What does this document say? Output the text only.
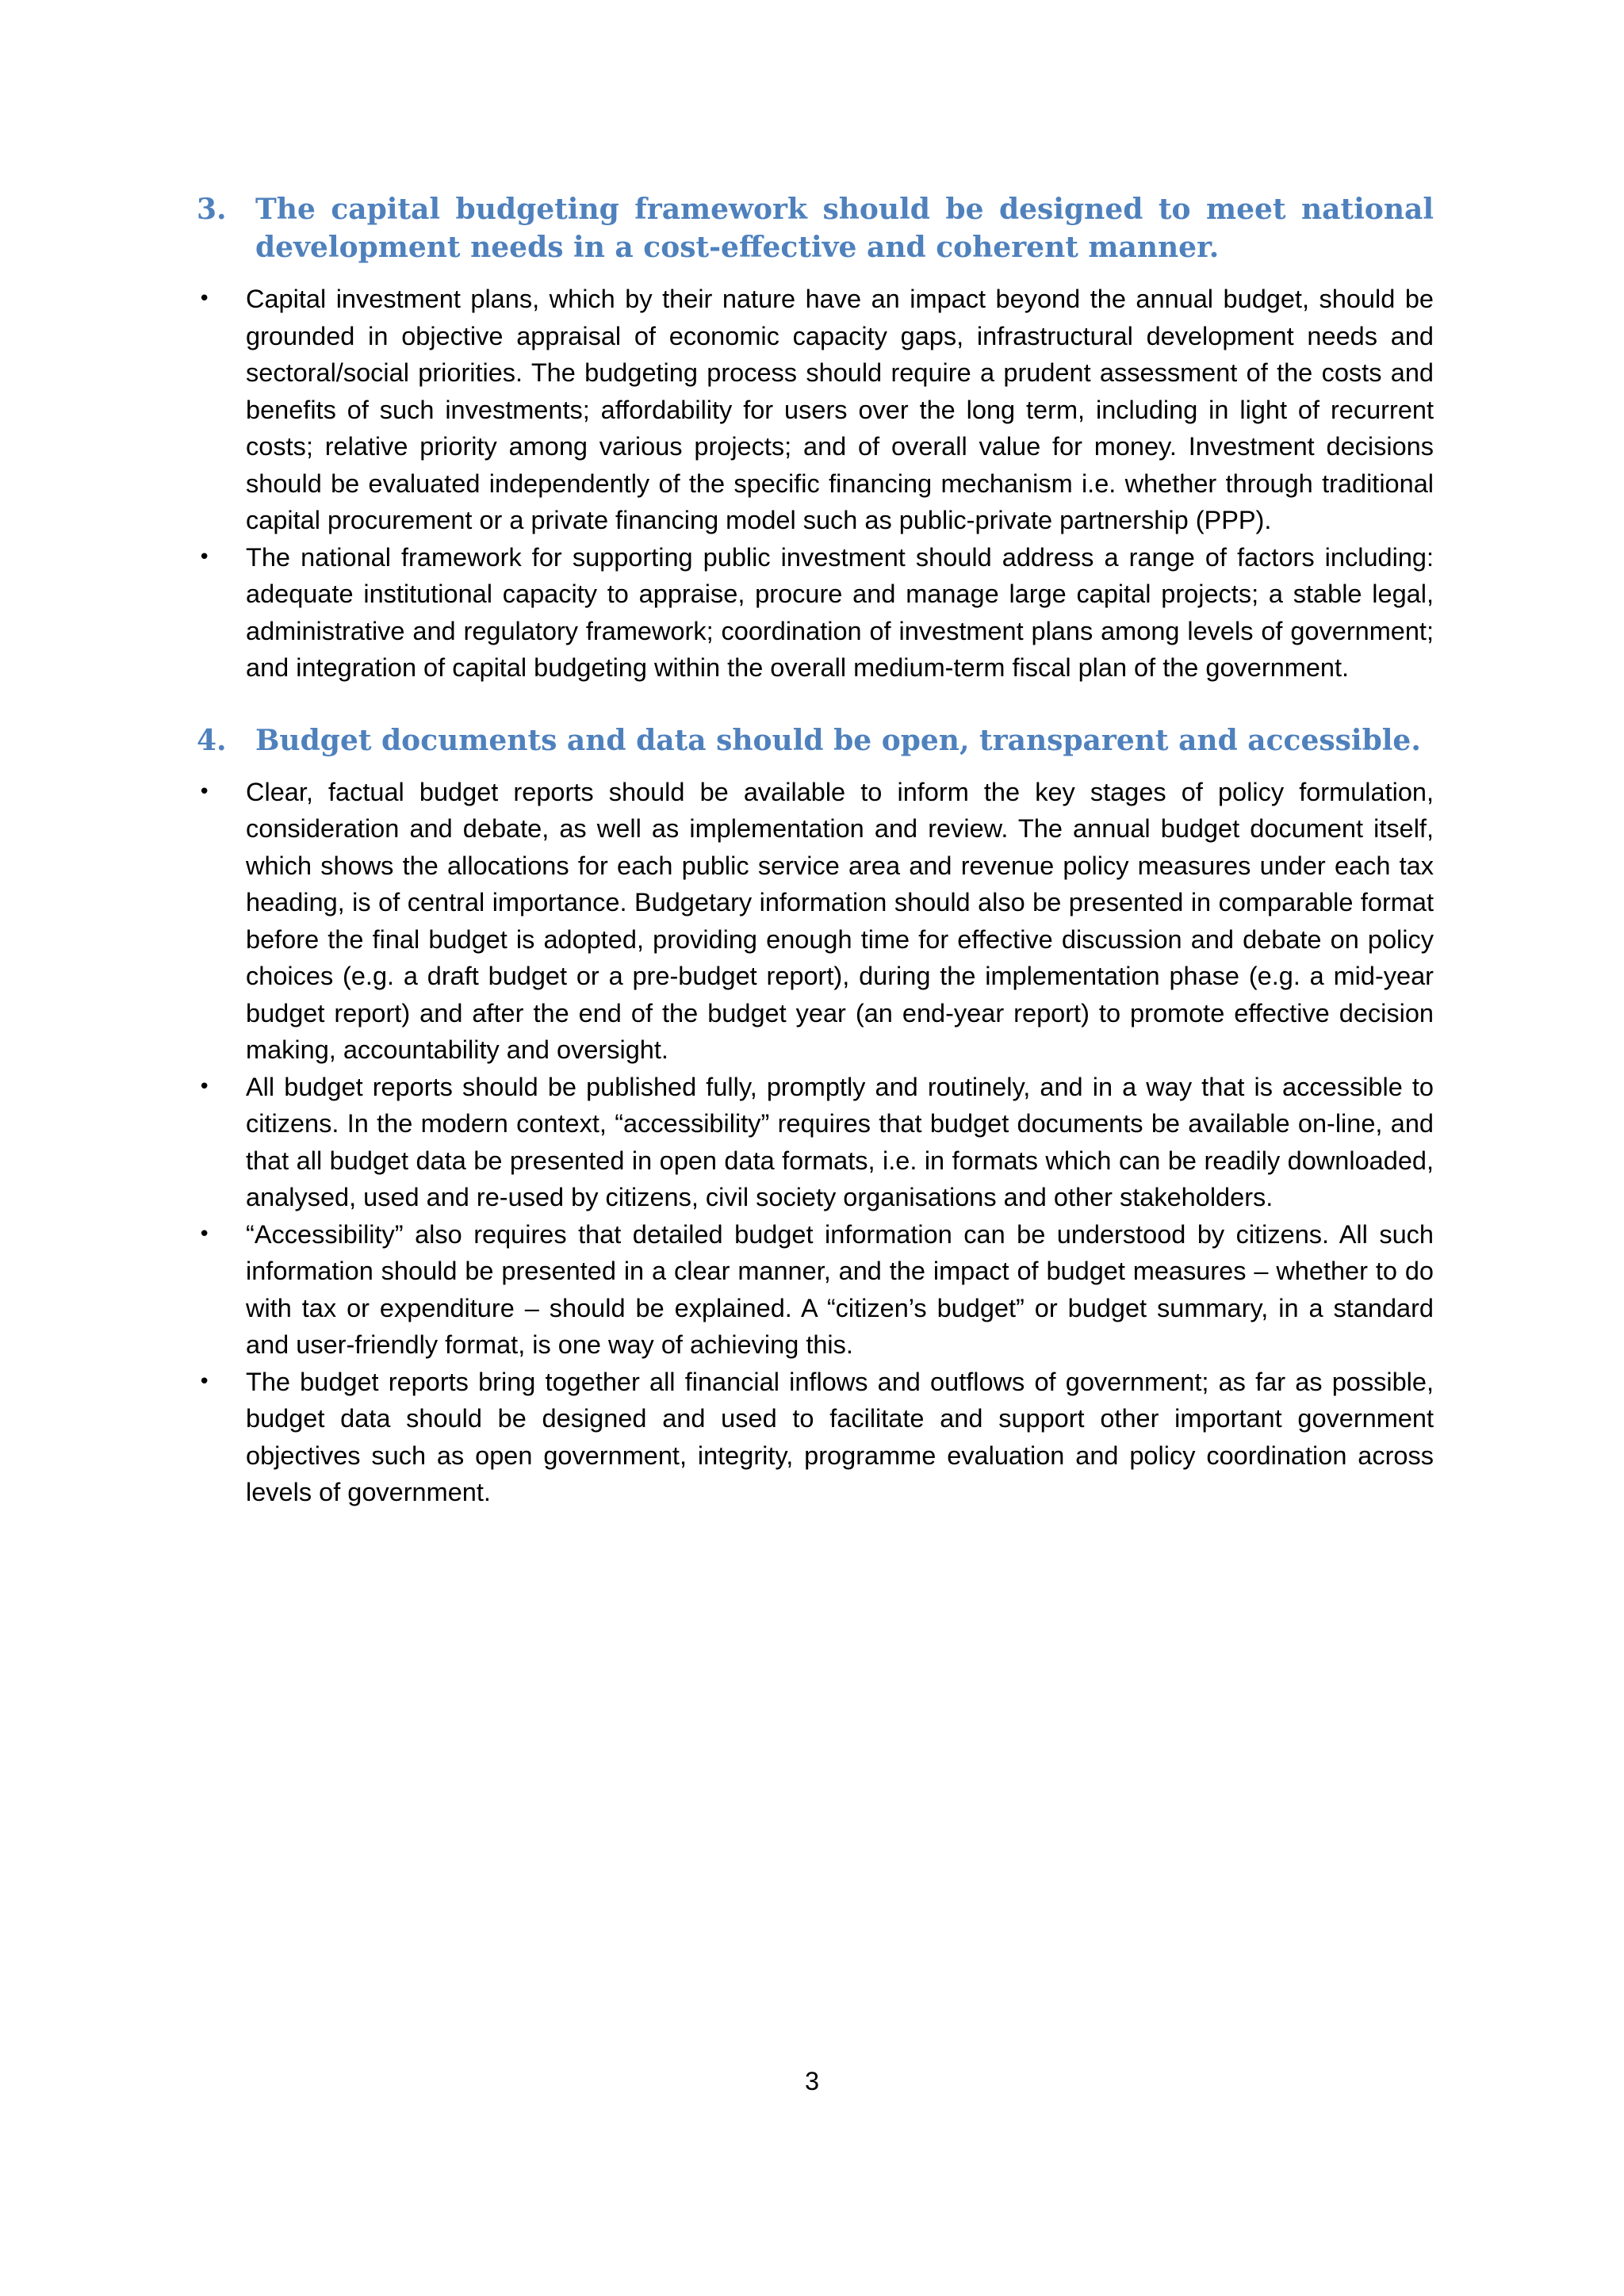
3.	The capital budgeting framework should be designed to meet national development needs in a cost-effective and coherent manner.
•	Capital investment plans, which by their nature have an impact beyond the annual budget, should be grounded in objective appraisal of economic capacity gaps, infrastructural development needs and sectoral/social priorities. The budgeting process should require a prudent assessment of the costs and benefits of such investments; affordability for users over the long term, including in light of recurrent costs; relative priority among various projects; and of overall value for money. Investment decisions should be evaluated independently of the specific financing mechanism i.e. whether through traditional capital procurement or a private financing model such as public-private partnership (PPP).

•	The national framework for supporting public investment should address a range of factors including: adequate institutional capacity to appraise, procure and manage large capital projects; a stable legal, administrative and regulatory framework; coordination of investment plans among levels of government; and integration of capital budgeting within the overall medium-term fiscal plan of the government.

4.	Budget documents and data should be open, transparent and accessible.
•	Clear, factual budget reports should be available to inform the key stages of policy formulation, consideration and debate, as well as implementation and review. The annual budget document itself, which shows the allocations for each public service area and revenue policy measures under each tax heading, is of central importance. Budgetary information should also be presented in comparable format before the final budget is adopted, providing enough time for effective discussion and debate on policy choices (e.g. a draft budget or a pre-budget report), during the implementation phase (e.g. a mid-year budget report) and after the end of the budget year (an end-year report) to promote effective decision making, accountability and oversight.

•	All budget reports should be published fully, promptly and routinely, and in a way that is accessible to citizens. In the modern context, “accessibility” requires that budget documents be available on-line, and that all budget data be presented in open data formats, i.e. in formats which can be readily downloaded, analysed, used and re-used by citizens, civil society organisations and other stakeholders.

•	“Accessibility” also requires that detailed budget information can be understood by citizens. All such information should be presented in a clear manner, and the impact of budget measures – whether to do with tax or expenditure – should be explained. A “citizen’s budget” or budget summary, in a standard and user-friendly format, is one way of achieving this.

•	The budget reports bring together all financial inflows and outflows of government; as far as possible, budget data should be designed and used to facilitate and support other important government objectives such as open government, integrity, programme evaluation and policy coordination across levels of government.

3
